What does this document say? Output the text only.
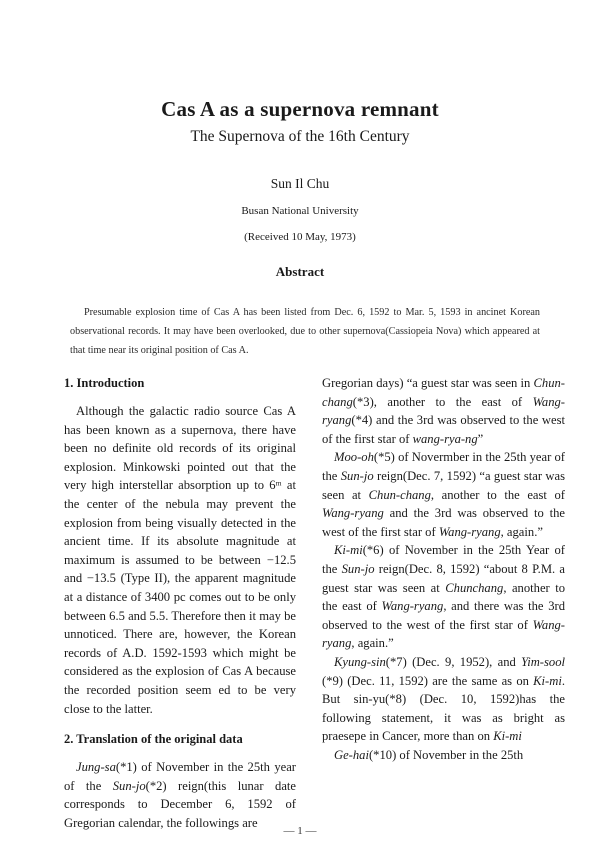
Cas A as a supernova remnant
The Supernova of the 16th Century
Sun Il Chu
Busan National University
(Received 10 May, 1973)
Abstract

Presumable explosion time of Cas A has been listed from Dec. 6, 1592 to Mar. 5, 1593 in ancinet Korean observational records. It may have been overlooked, due to other supernova(Cassiopeia Nova) which appeared at that time near its original position of Cas A.

1. Introduction

Although the galactic radio source Cas A has been known as a supernova, there have been no definite old records of its original explosion. Minkowski pointed out that the very high interstellar absorption up to 6ᵐ at the center of the nebula may prevent the explosion from being visually detected in the ancient time. If its absolute magnitude at maximum is assumed to be between −12.5 and −13.5 (Type II), the apparent magnitude at a distance of 3400 pc comes out to be only between 6.5 and 5.5. Therefore then it may be unnoticed. There are, however, the Korean records of A.D. 1592-1593 which might be considered as the explosion of Cas A because the recorded position seem ed to be very close to the latter.

2. Translation of the original data

Jung-sa(*1) of November in the 25th year of the Sun-jo(*2) reign(this lunar date corresponds to December 6, 1592 of Gregorian calendar, the followings are

Gregorian days) “a guest star was seen in Chun-chang(*3), another to the east of Wang-ryang(*4) and the 3rd was observed to the west of the first star of wang-rya-ng”

Moo-oh(*5) of Novermber in the 25th year of the Sun-jo reign(Dec. 7, 1592) “a guest star was seen at Chun-chang, another to the east of Wang-ryang and the 3rd was observed to the west of the first star of Wang-ryang, again.”

Ki-mi(*6) of November in the 25th Year of the Sun-jo reign(Dec. 8, 1592) “about 8 P.M. a guest star was seen at Chunchang, another to the east of Wang-ryang, and there was the 3rd observed to the west of the first star of Wang-ryang, again.”

Kyung-sin(*7) (Dec. 9, 1952), and Yim-sool (*9) (Dec. 11, 1592) are the same as on Ki-mi. But sin-yu(*8) (Dec. 10, 1592)has the following statement, it was as bright as praesepe in Cancer, more than on Ki-mi

Ge-hai(*10) of November in the 25th

— 1 —
